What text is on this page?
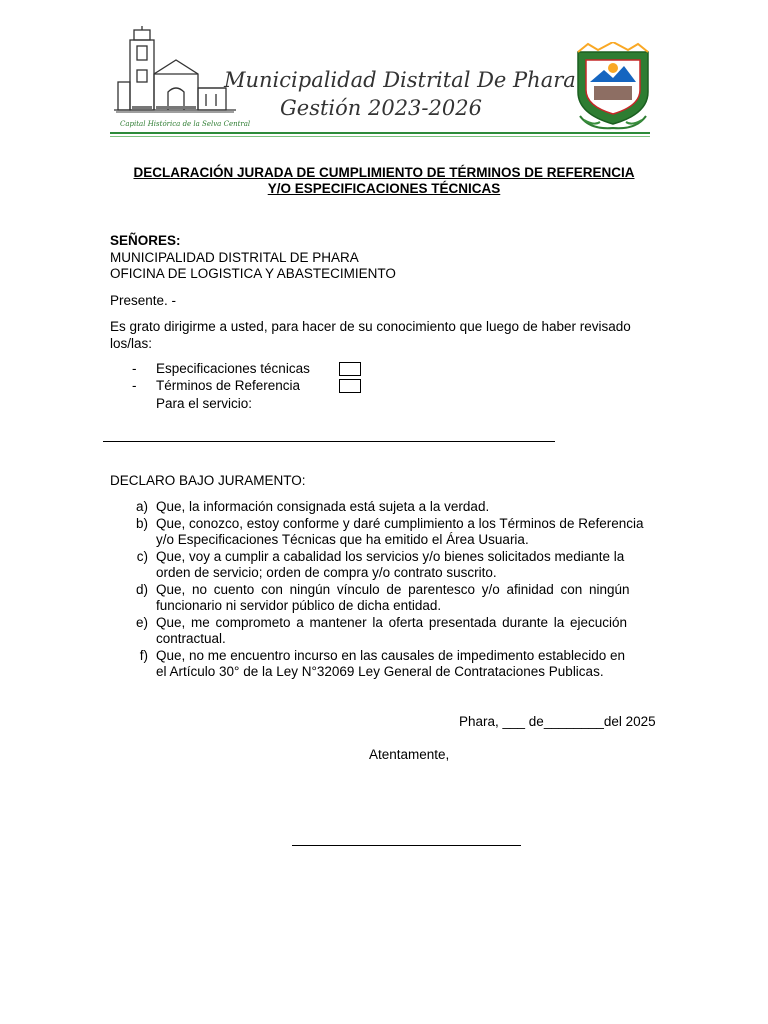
Capital Histórica de la Selva Central
Municipalidad Distrital De Phara
Gestión 2023-2026
DECLARACIÓN JURADA DE CUMPLIMIENTO DE TÉRMINOS DE REFERENCIA
Y/O ESPECIFICACIONES TÉCNICAS
SEÑORES:
MUNICIPALIDAD DISTRITAL DE PHARA
OFICINA DE LOGISTICA Y ABASTECIMIENTO
Presente. -
Es grato dirigirme a usted, para hacer de su conocimiento que luego de haber revisado
los/las:
- Especificaciones técnicas
- Términos de Referencia
Para el servicio:
DECLARO BAJO JURAMENTO:
a) Que, la información consignada está sujeta a la verdad.
b) Que, conozco, estoy conforme y daré cumplimiento a los Términos de Referencia
y/o Especificaciones Técnicas que ha emitido el Área Usuaria.
c) Que, voy a cumplir a cabalidad los servicios y/o bienes solicitados mediante la
orden de servicio; orden de compra y/o contrato suscrito.
d) Que, no cuento con ningún vínculo de parentesco y/o afinidad con ningún
funcionario ni servidor público de dicha entidad.
e) Que, me comprometo a mantener la oferta presentada durante la ejecución
contractual.
f) Que, no me encuentro incurso en las causales de impedimento establecido en
el Artículo 30° de la Ley N°32069 Ley General de Contrataciones Publicas.
Phara, ___ de________del 2025
Atentamente,
